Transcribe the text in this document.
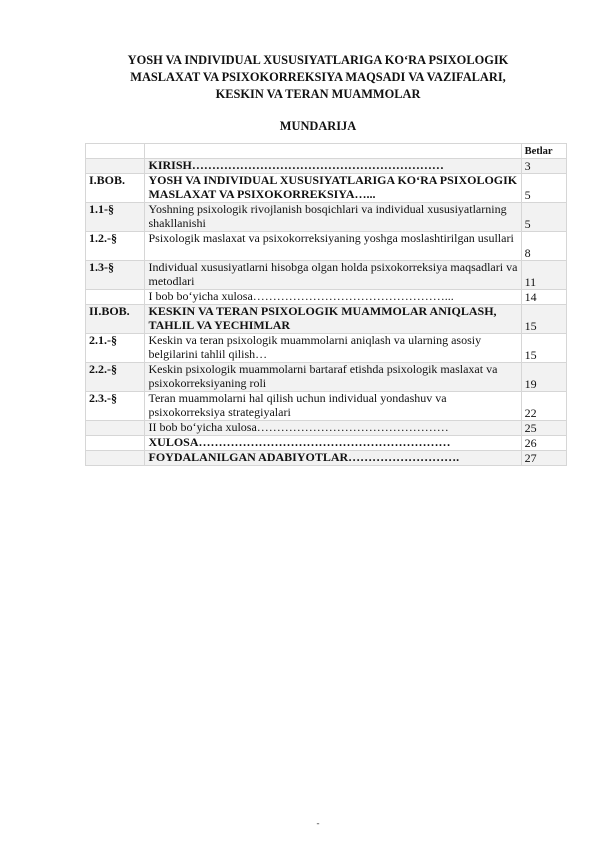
YOSH VA INDIVIDUAL XUSUSIYATLARIGA KO‘RA PSIXOLOGIK
MASLAXAT VA PSIXOKORREKSIYA MAQSADI VA VAZIFALARI,
KESKIN VA TERAN MUAMMOLAR
MUNDARIJA
		Betlar
	KIRISH………………………………………………………	3
I.BOB.	YOSH VA INDIVIDUAL XUSUSIYATLARIGA KO‘RA PSIXOLOGIK MASLAXAT VA PSIXOKORREKSIYA…...	5
1.1-§	Yoshning psixologik rivojlanish bosqichlari va individual xususiyatlarning shakllanishi	5
1.2.-§	Psixologik maslaxat va psixokorreksiyaning yoshga moslashtirilgan usullari	8
1.3-§	Individual xususiyatlarni hisobga olgan holda psixokorreksiya maqsadlari va metodlari	11
	I bob bo‘yicha xulosa…………………………………………...	14
II.BOB.	KESKIN VA TERAN PSIXOLOGIK MUAMMOLAR ANIQLASH, TAHLIL VA YECHIMLAR	15
2.1.-§	Keskin va teran psixologik muammolarni aniqlash va ularning asosiy belgilarini tahlil qilish…	15
2.2.-§	Keskin psixologik muammolarni bartaraf etishda psixologik maslaxat va psixokorreksiyaning roli	19
2.3.-§	Teran muammolarni hal qilish uchun individual yondashuv va psixokorreksiya strategiyalari	22
	II bob bo‘yicha xulosa…………………………………………	25
	XULOSA………………………………………………………	26
	FOYDALANILGAN ADABIYOTLAR……………………….	27
-
